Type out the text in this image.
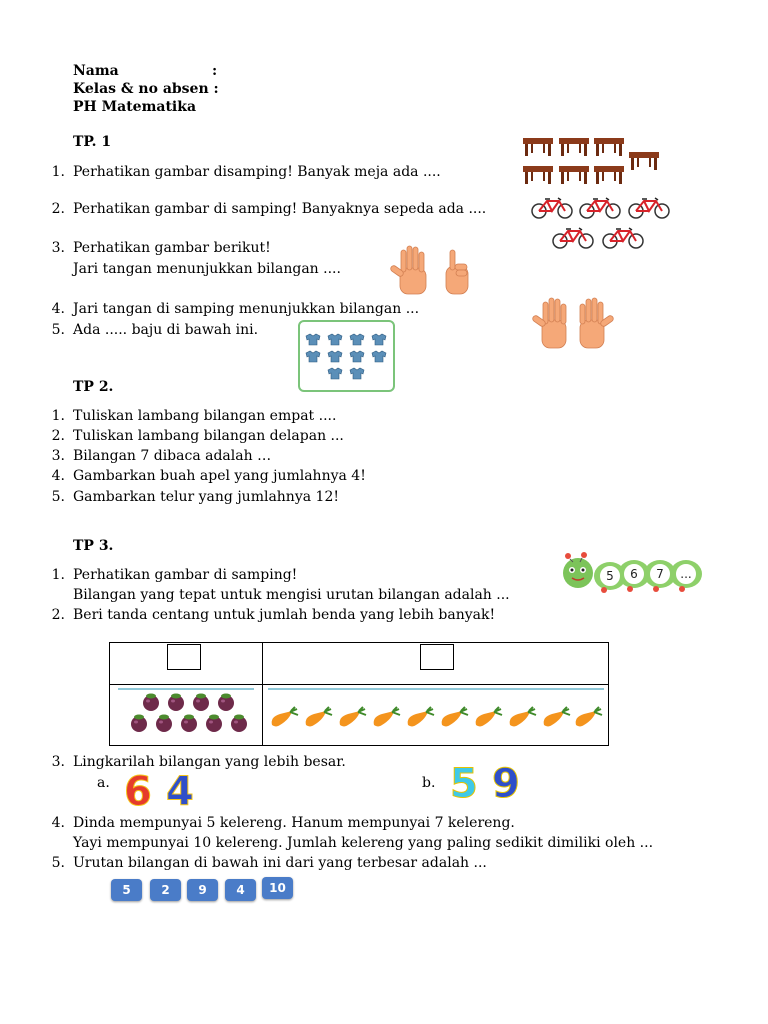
Nama	:
Kelas & no absen :
PH Matematika
TP. 1
1. Perhatikan gambar disamping! Banyak meja ada ....
2. Perhatikan gambar di samping! Banyaknya sepeda ada ....
3. Perhatikan gambar berikut!
Jari tangan menunjukkan bilangan ....
4. Jari tangan di samping menunjukkan bilangan ...
5. Ada ..... baju di bawah ini.
TP 2.
1. Tuliskan lambang bilangan empat ....
2. Tuliskan lambang bilangan delapan ...
3. Bilangan 7 dibaca adalah …
4. Gambarkan buah apel yang jumlahnya 4!
5. Gambarkan telur yang jumlahnya 12!
TP 3.
1. Perhatikan gambar di samping!
Bilangan yang tepat untuk mengisi urutan bilangan adalah ...
2. Beri tanda centang untuk jumlah benda yang lebih banyak!
5	6	7	...
3. Lingkarilah bilangan yang lebih besar.
a. 6 4	b. 5 9
4. Dinda mempunyai 5 kelereng. Hanum mempunyai 7 kelereng.
Yayi mempunyai 10 kelereng. Jumlah kelereng yang paling sedikit dimiliki oleh ...
5. Urutan bilangan di bawah ini dari yang terbesar adalah ...
5	2	9	4	10
